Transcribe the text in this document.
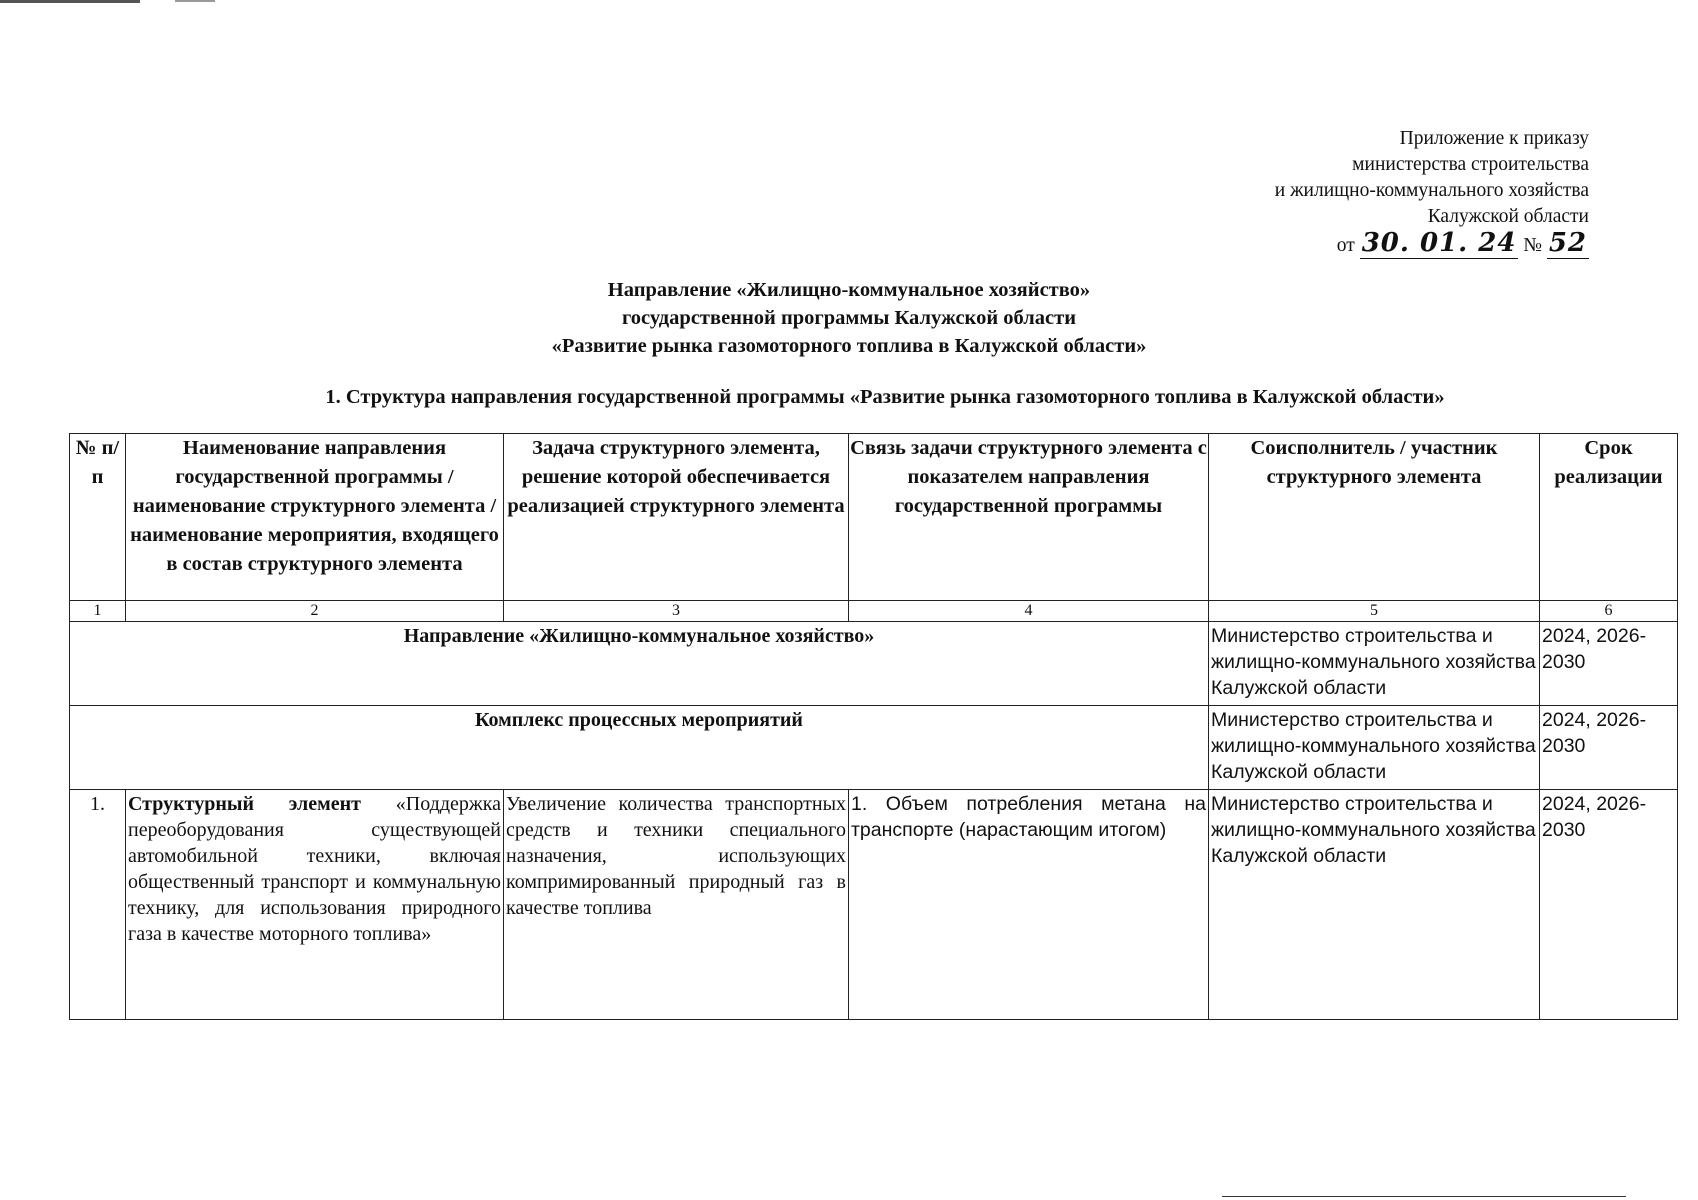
Приложение к приказу
министерства строительства
и жилищно-коммунального хозяйства
Калужской области
от 30. 01. 24 № 52
Направление «Жилищно-коммунальное хозяйство»
государственной программы Калужской области
«Развитие рынка газомоторного топлива в Калужской области»
1. Структура направления государственной программы «Развитие рынка газомоторного топлива в Калужской области»
№ п/п	Наименование направления государственной программы / наименование структурного элемента / наименование мероприятия, входящего в состав структурного элемента	Задача структурного элемента, решение которой обеспечивается реализацией структурного элемента	Связь задачи структурного элемента с показателем направления государственной программы	Соисполнитель / участник структурного элемента	Срок реализации
1	2	3	4	5	6
Направление «Жилищно-коммунальное хозяйство»				Министерство строительства и жилищно-коммунального хозяйства Калужской области	2024, 2026-2030
Комплекс процессных мероприятий				Министерство строительства и жилищно-коммунального хозяйства Калужской области	2024, 2026-2030
1.	Структурный элемент «Поддержка переоборудования существующей автомобильной техники, включая общественный транспорт и коммунальную технику, для использования природного газа в качестве моторного топлива»	Увеличение количества транспортных средств и техники специального назначения, использующих компримированный природный газ в качестве топлива	1. Объем потребления метана на транспорте (нарастающим итогом)	Министерство строительства и жилищно-коммунального хозяйства Калужской области	2024, 2026-2030
